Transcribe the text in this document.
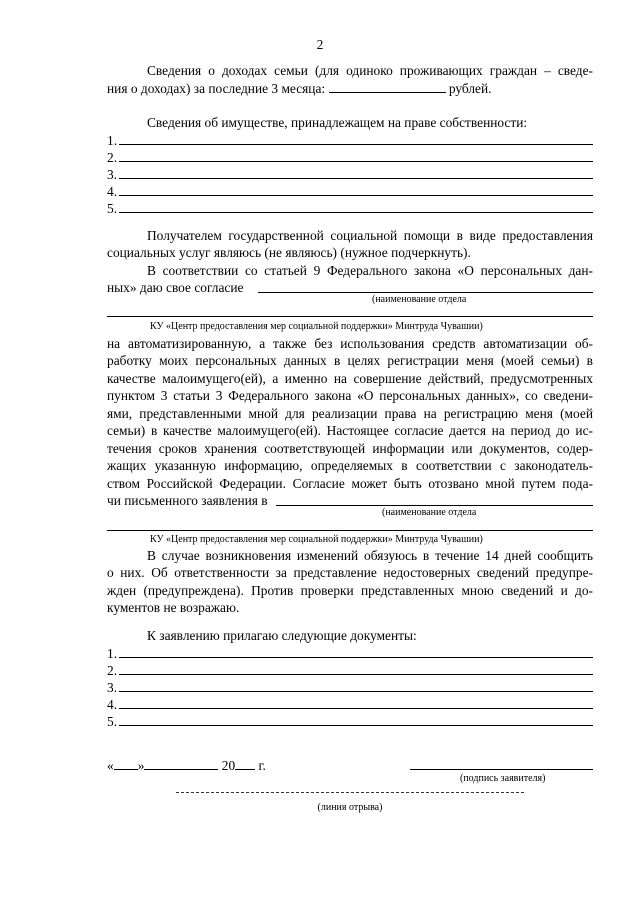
2
Сведения о доходах семьи (для одиноко проживающих граждан – сведе-
ния о доходах) за последние 3 месяца:	рублей.
Сведения об имуществе, принадлежащем на праве собственности:
1.
2.
3.
4.
5.
Получателем государственной социальной помощи в виде предоставления
социальных услуг являюсь (не являюсь) (нужное подчеркнуть).
В соответствии со статьей 9 Федерального закона «О персональных дан-
ных» даю свое согласие
(наименование отдела
КУ «Центр предоставления мер социальной поддержки» Минтруда Чувашии)
на автоматизированную, а также без использования средств автоматизации об-
работку моих персональных данных в целях регистрации меня (моей семьи) в
качестве малоимущего(ей), а именно на совершение действий, предусмотренных
пунктом 3 статьи 3 Федерального закона «О персональных данных», со сведени-
ями, представленными мной для реализации права на регистрацию меня (моей
семьи) в качестве малоимущего(ей). Настоящее согласие дается на период до ис-
течения сроков хранения соответствующей информации или документов, содер-
жащих указанную информацию, определяемых в соответствии с законодатель-
ством Российской Федерации. Согласие может быть отозвано мной путем пода-
чи письменного заявления в
(наименование отдела
КУ «Центр предоставления мер социальной поддержки» Минтруда Чувашии)
В случае возникновения изменений обязуюсь в течение 14 дней сообщить
о них. Об ответственности за представление недостоверных сведений предупре-
жден (предупреждена). Против проверки представленных мною сведений и до-
кументов не возражаю.
К заявлению прилагаю следующие документы:
1.
2.
3.
4.
5.
« »	20 г.
(подпись заявителя)
(линия отрыва)
